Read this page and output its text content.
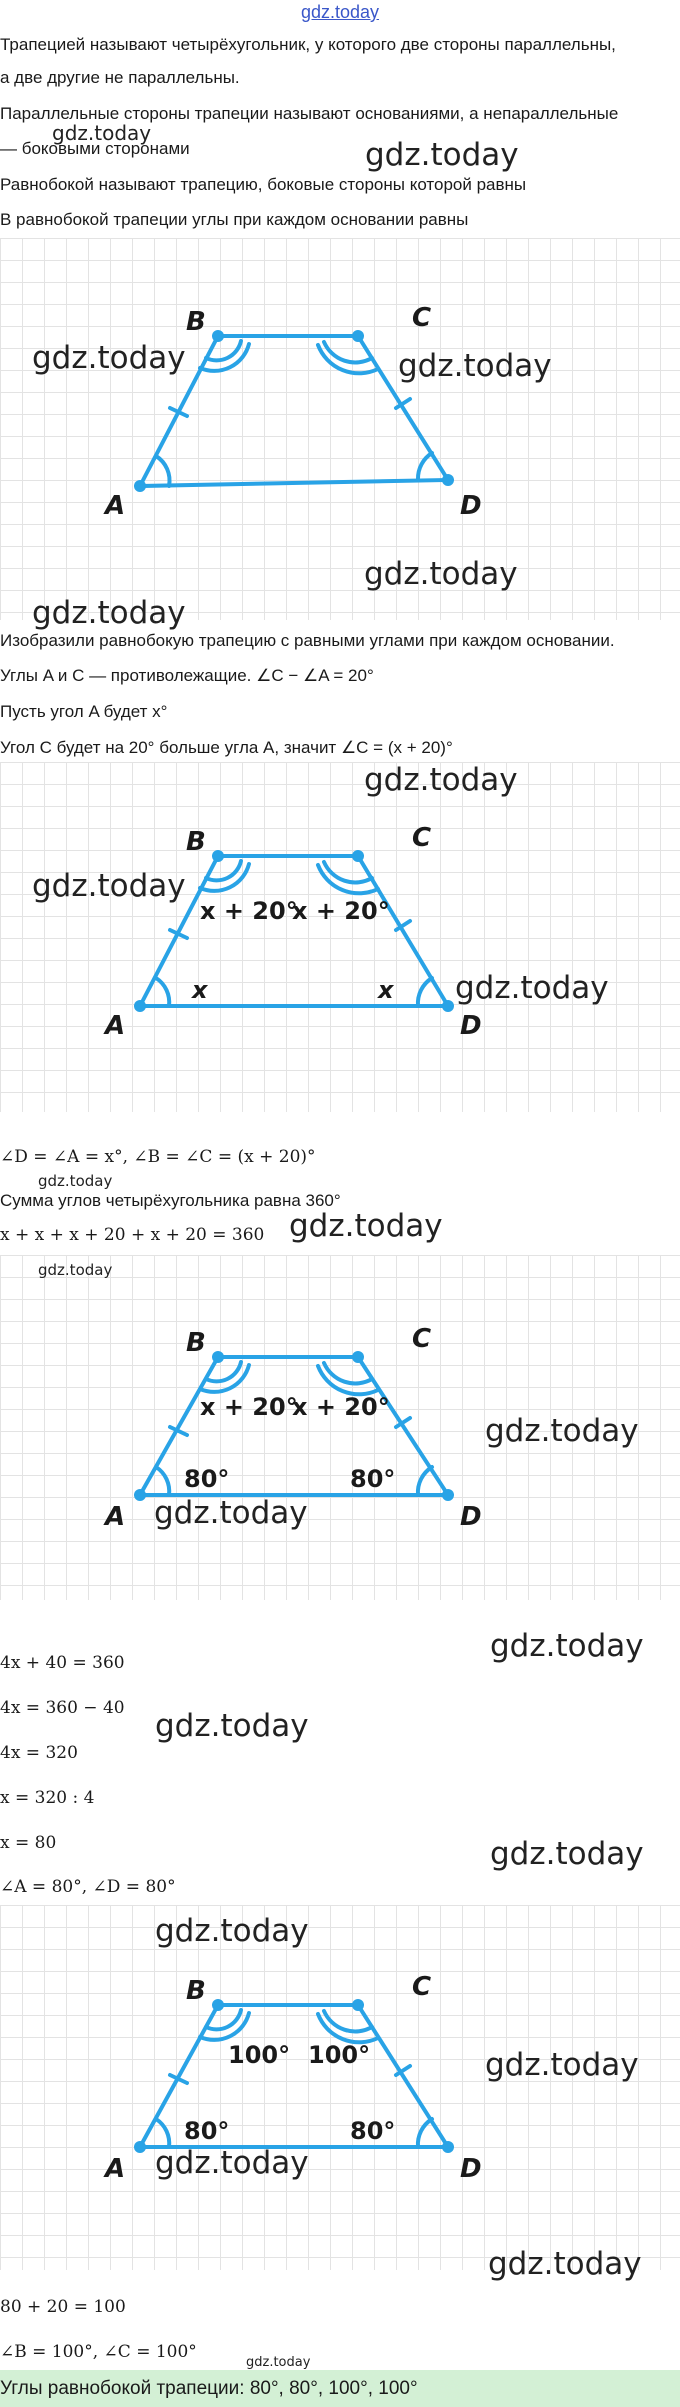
gdz.today
Трапецией называют четырёхугольник, у которого две стороны параллельны,
а две другие не параллельны.
Параллельные стороны трапеции называют основаниями, а непараллельные
— боковыми сторонами
Равнобокой называют трапецию, боковые стороны которой равны
В равнобокой трапеции углы при каждом основании равны
gdz.today
gdz.today
A
B	C
D
gdz.today	gdz.today
gdz.today
gdz.today
Изобразили равнобокую трапецию с равными углами при каждом основании.
Углы A и C — противолежащие. ∠C − ∠A = 20°
Пусть угол A будет x°
Угол C будет на 20° больше угла A, значит ∠C = (x + 20)°
A
B	C
D
x + 20°
x + 20°
x	x
gdz.today
gdz.today
gdz.today
∠D = ∠A = x°, ∠B = ∠C = (x + 20)°
gdz.today
Сумма углов четырёхугольника равна 360°
x + x + x + 20 + x + 20 = 360 gdz.today
A
B	C
D
x + 20°
x + 20°
80°	80°
gdz.today
gdz.today
gdz.today
4x + 40 = 360	gdz.today
4x = 360 − 40 gdz.today
4x = 320
x = 320 : 4
x = 80	gdz.today
∠A = 80°, ∠D = 80°
A
B	C
D
100° 100°
80°	80°
gdz.today
gdz.today
gdz.today
gdz.today
80 + 20 = 100
∠B = 100°, ∠C = 100°
gdz.today
Углы равнобокой трапеции: 80°, 80°, 100°, 100°
